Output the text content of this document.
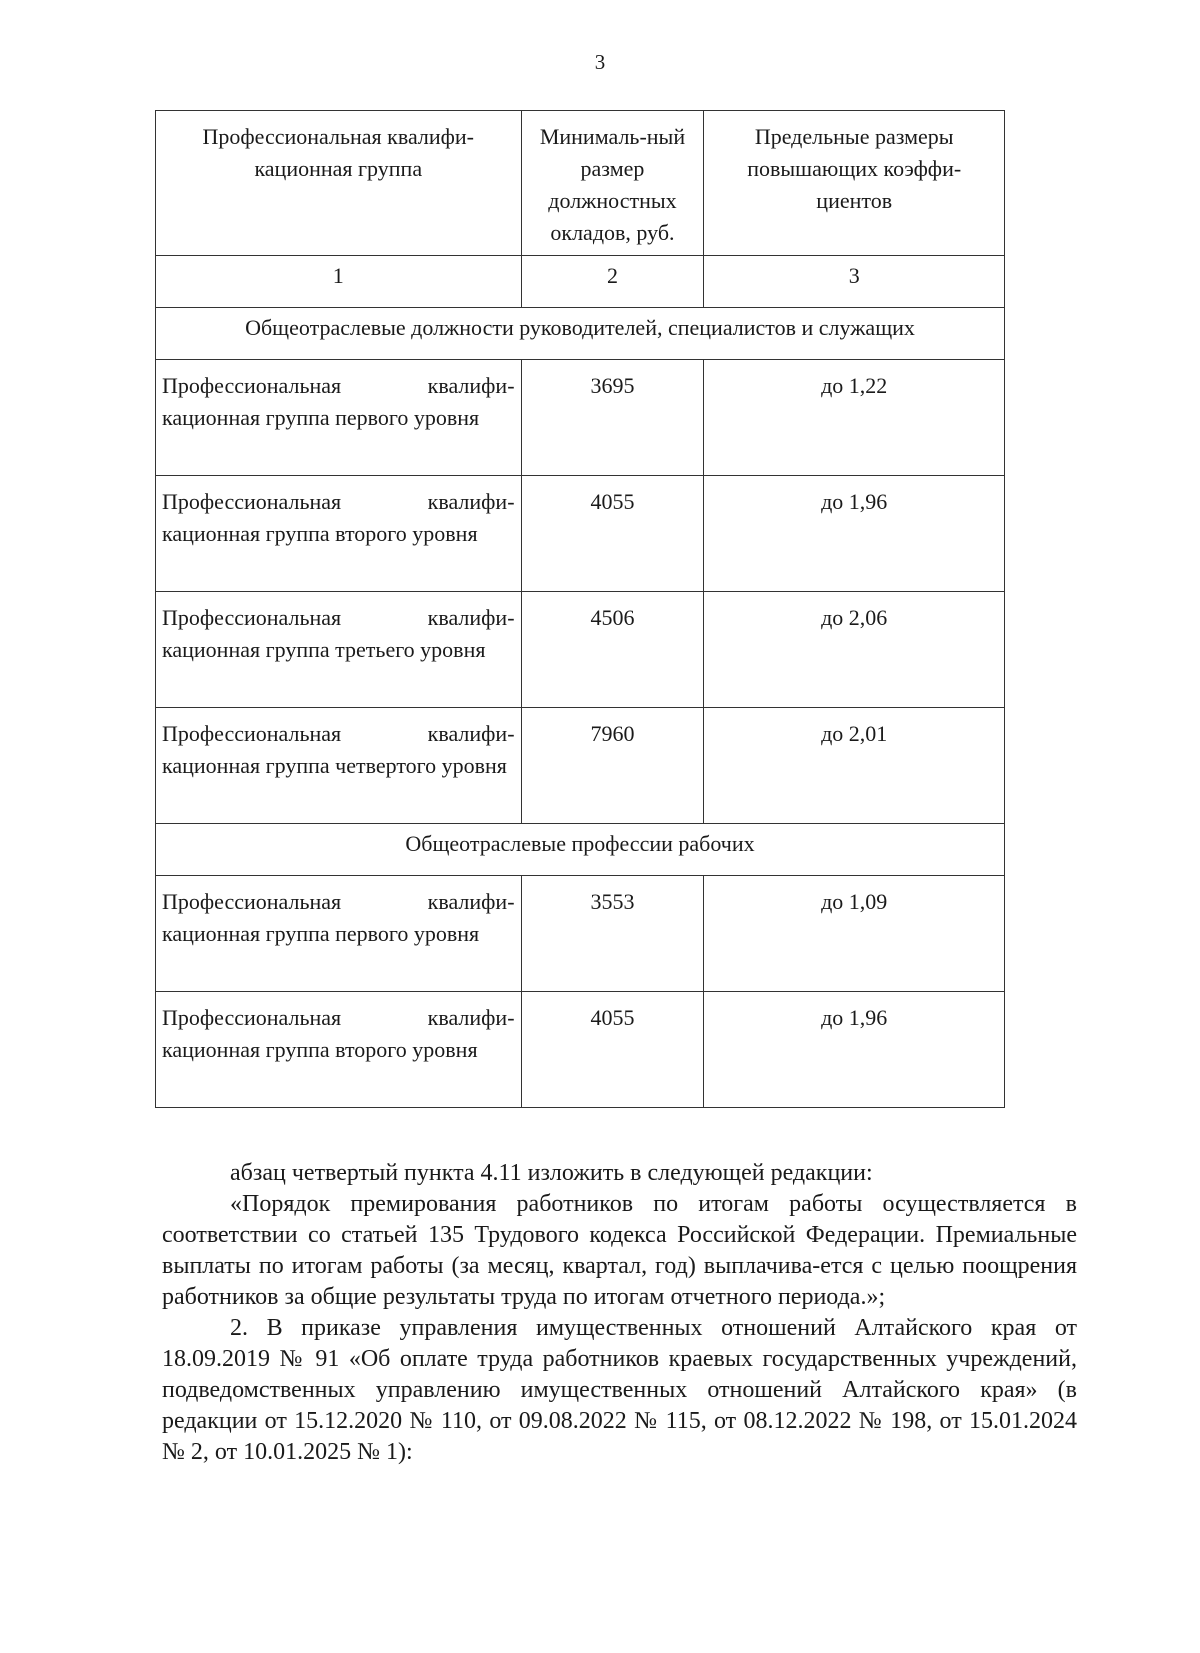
3
Профессиональная квалифи-кационная группа	Минималь-ный размер должностных окладов, руб.	Предельные размеры повышающих коэффи-циентов
1	2	3
Общеотраслевые должности руководителей, специалистов и служащих		
Профессиональная квалифи-кационная группа первого уровня	3695	до 1,22
Профессиональная квалифи-кационная группа второго уровня	4055	до 1,96
Профессиональная квалифи-кационная группа третьего уровня	4506	до 2,06
Профессиональная квалифи-кационная группа четвертого уровня	7960	до 2,01
Общеотраслевые профессии рабочих		
Профессиональная квалифи-кационная группа первого уровня	3553	до 1,09
Профессиональная квалифи-кационная группа второго уровня	4055	до 1,96

абзац четвертый пункта 4.11 изложить в следующей редакции:

«Порядок премирования работников по итогам работы осуществляется в соответствии со статьей 135 Трудового кодекса Российской Федерации. Премиальные выплаты по итогам работы (за месяц, квартал, год) выплачива-ется с целью поощрения работников за общие результаты труда по итогам отчетного периода.»;

2. В приказе управления имущественных отношений Алтайского края от 18.09.2019 № 91 «Об оплате труда работников краевых государственных учреждений, подведомственных управлению имущественных отношений Алтайского края» (в редакции от 15.12.2020 № 110, от 09.08.2022 № 115, от 08.12.2022 № 198, от 15.01.2024 № 2, от 10.01.2025 № 1):
